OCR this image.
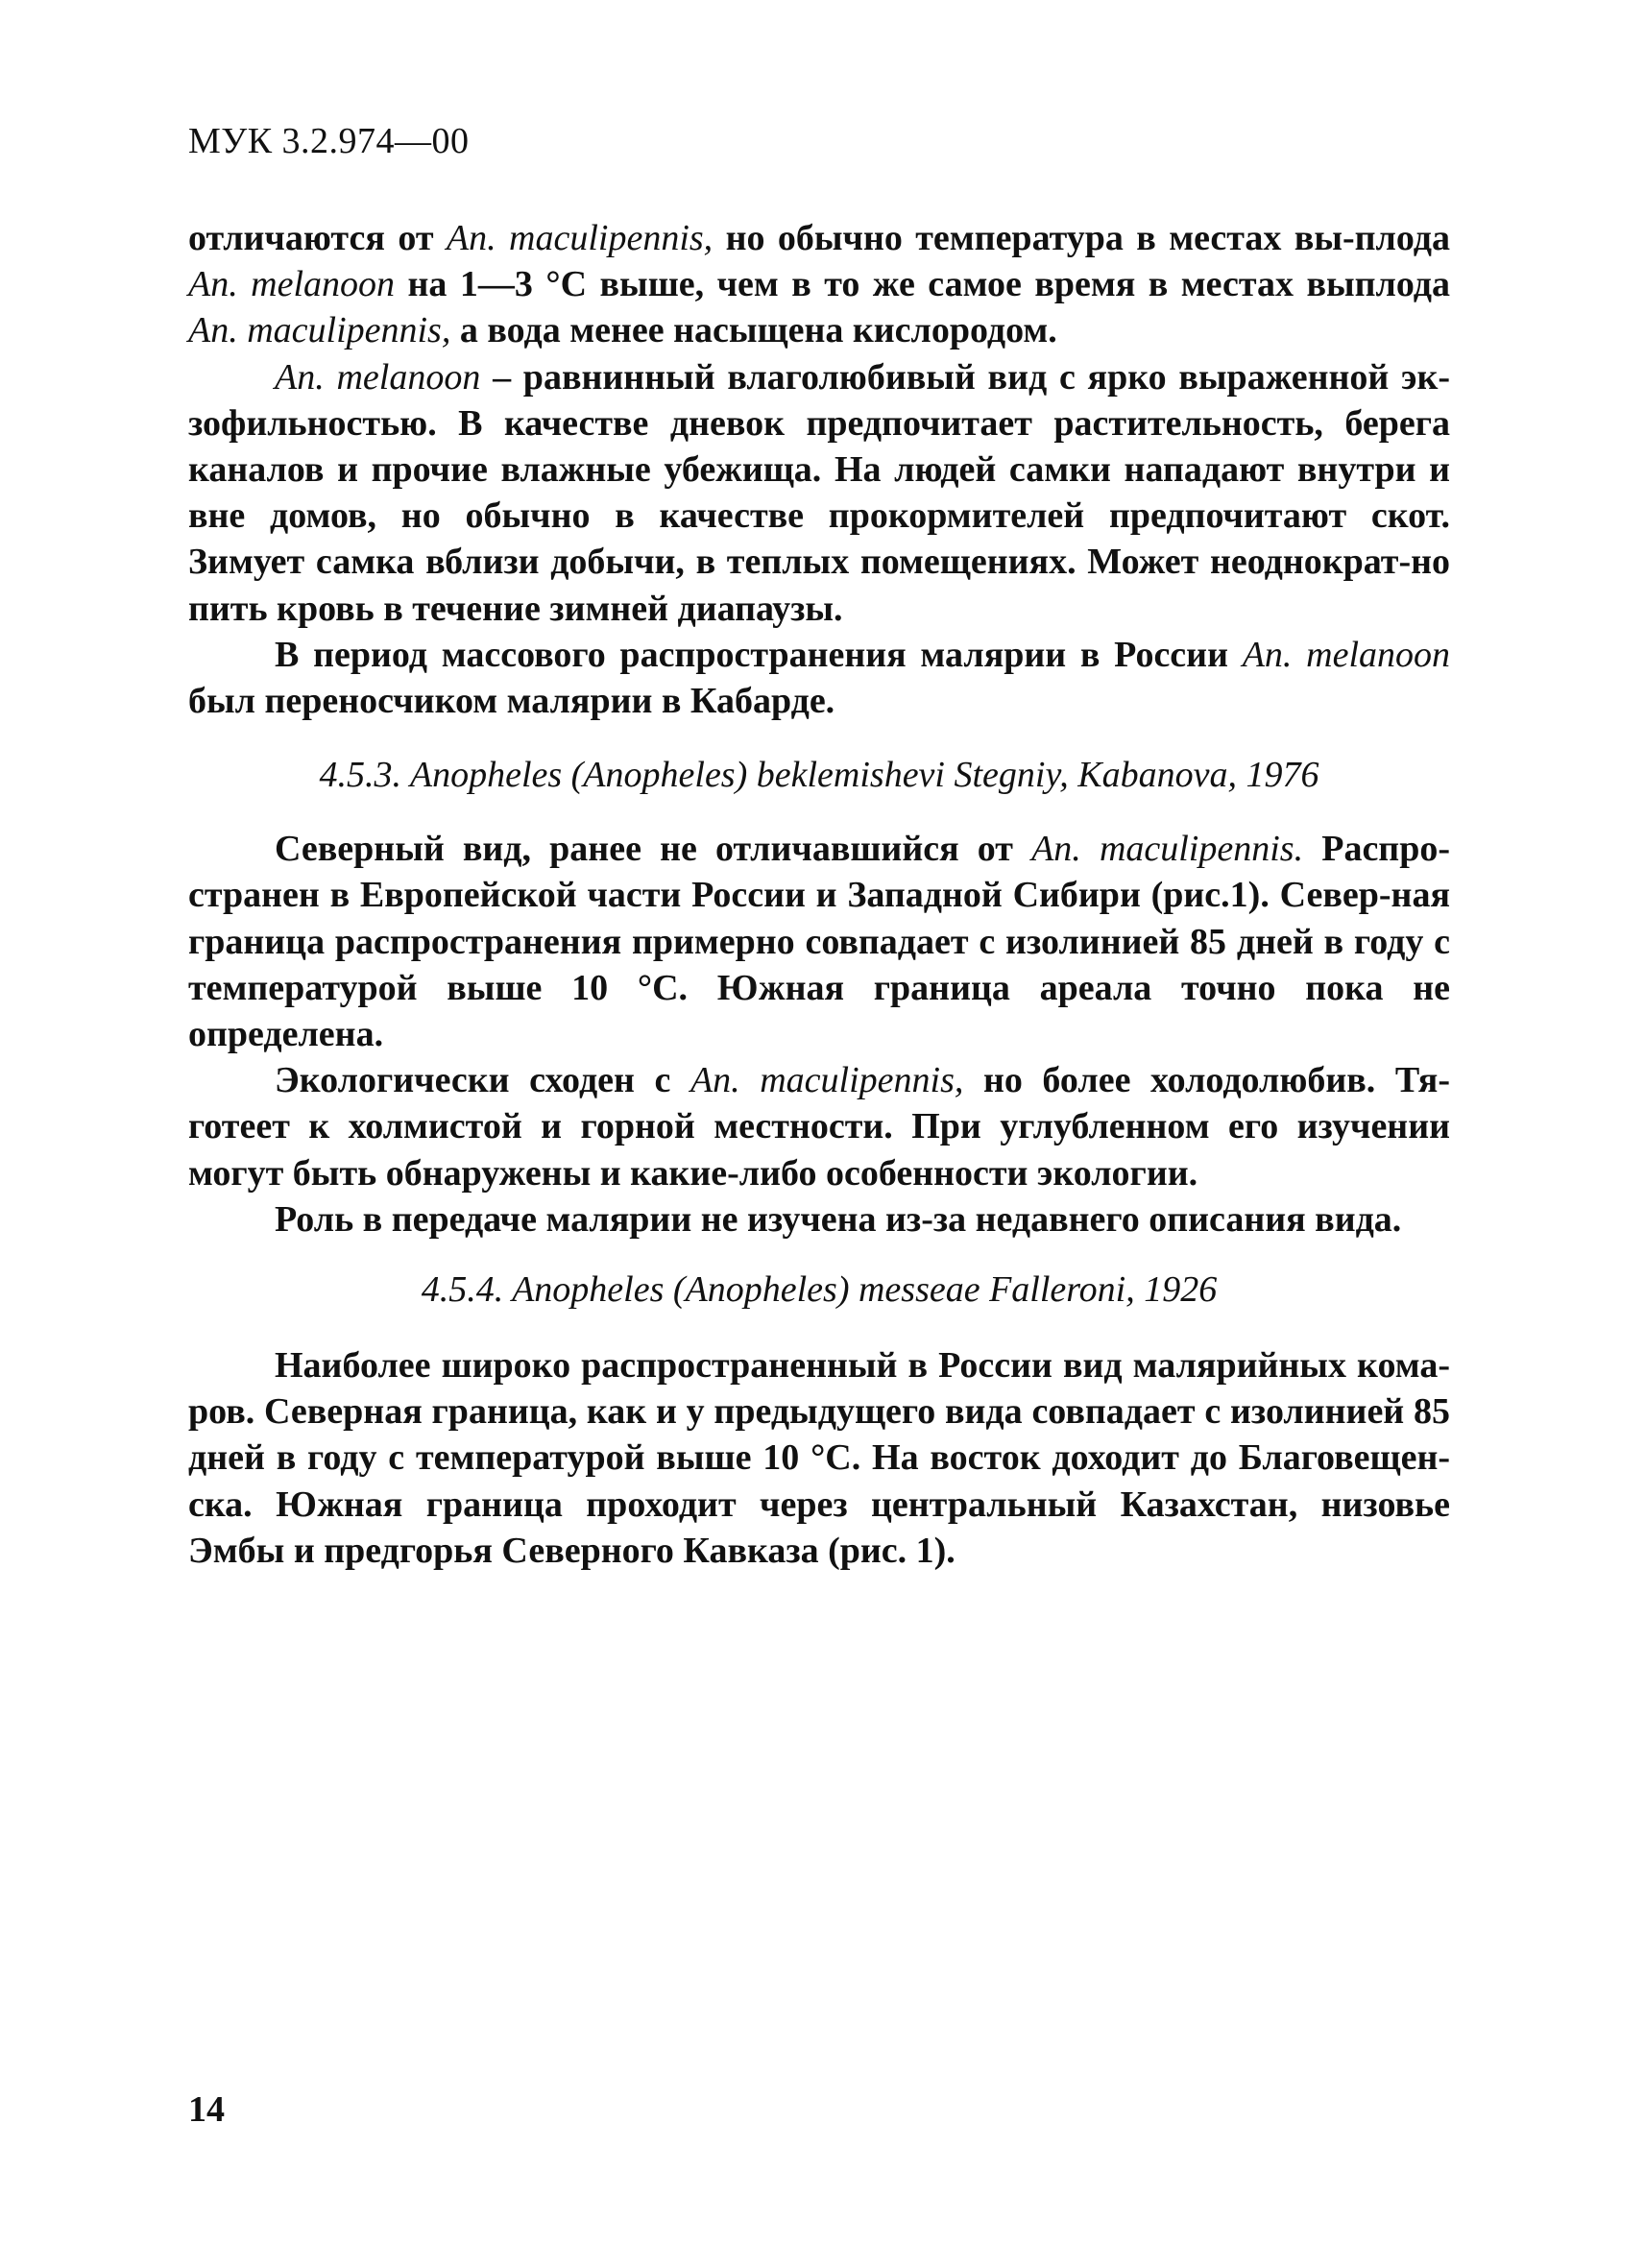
МУК 3.2.974—00

отличаются от An. maculipennis, но обычно температура в местах вы-плода An. melanoon на 1—3 °С выше, чем в то же самое время в местах выплода An. maculipennis, а вода менее насыщена кислородом.

An. melanoon – равнинный влаголюбивый вид с ярко выраженной эк-зофильностью. В качестве дневок предпочитает растительность, берега каналов и прочие влажные убежища. На людей самки нападают внутри и вне домов, но обычно в качестве прокормителей предпочитают скот. Зимует самка вблизи добычи, в теплых помещениях. Может неоднократ-но пить кровь в течение зимней диапаузы.

В период массового распространения малярии в России An. melanoon был переносчиком малярии в Кабарде.

4.5.3. Anopheles (Anopheles) beklemishevi Stegniy, Kabanova, 1976

Северный вид, ранее не отличавшийся от An. maculipennis. Распро-странен в Европейской части России и Западной Сибири (рис.1). Север-ная граница распространения примерно совпадает с изолинией 85 дней в году с температурой выше 10 °С. Южная граница ареала точно пока не определена.

Экологически сходен с An. maculipennis, но более холодолюбив. Тя-готеет к холмистой и горной местности. При углубленном его изучении могут быть обнаружены и какие-либо особенности экологии.

Роль в передаче малярии не изучена из-за недавнего описания вида.

4.5.4. Anopheles (Anopheles) messeae Falleroni, 1926

Наиболее широко распространенный в России вид малярийных кома-ров. Северная граница, как и у предыдущего вида совпадает с изолинией 85 дней в году с температурой выше 10 °С. На восток доходит до Благовещен-ска. Южная граница проходит через центральный Казахстан, низовье Эмбы и предгорья Северного Кавказа (рис. 1).

14
